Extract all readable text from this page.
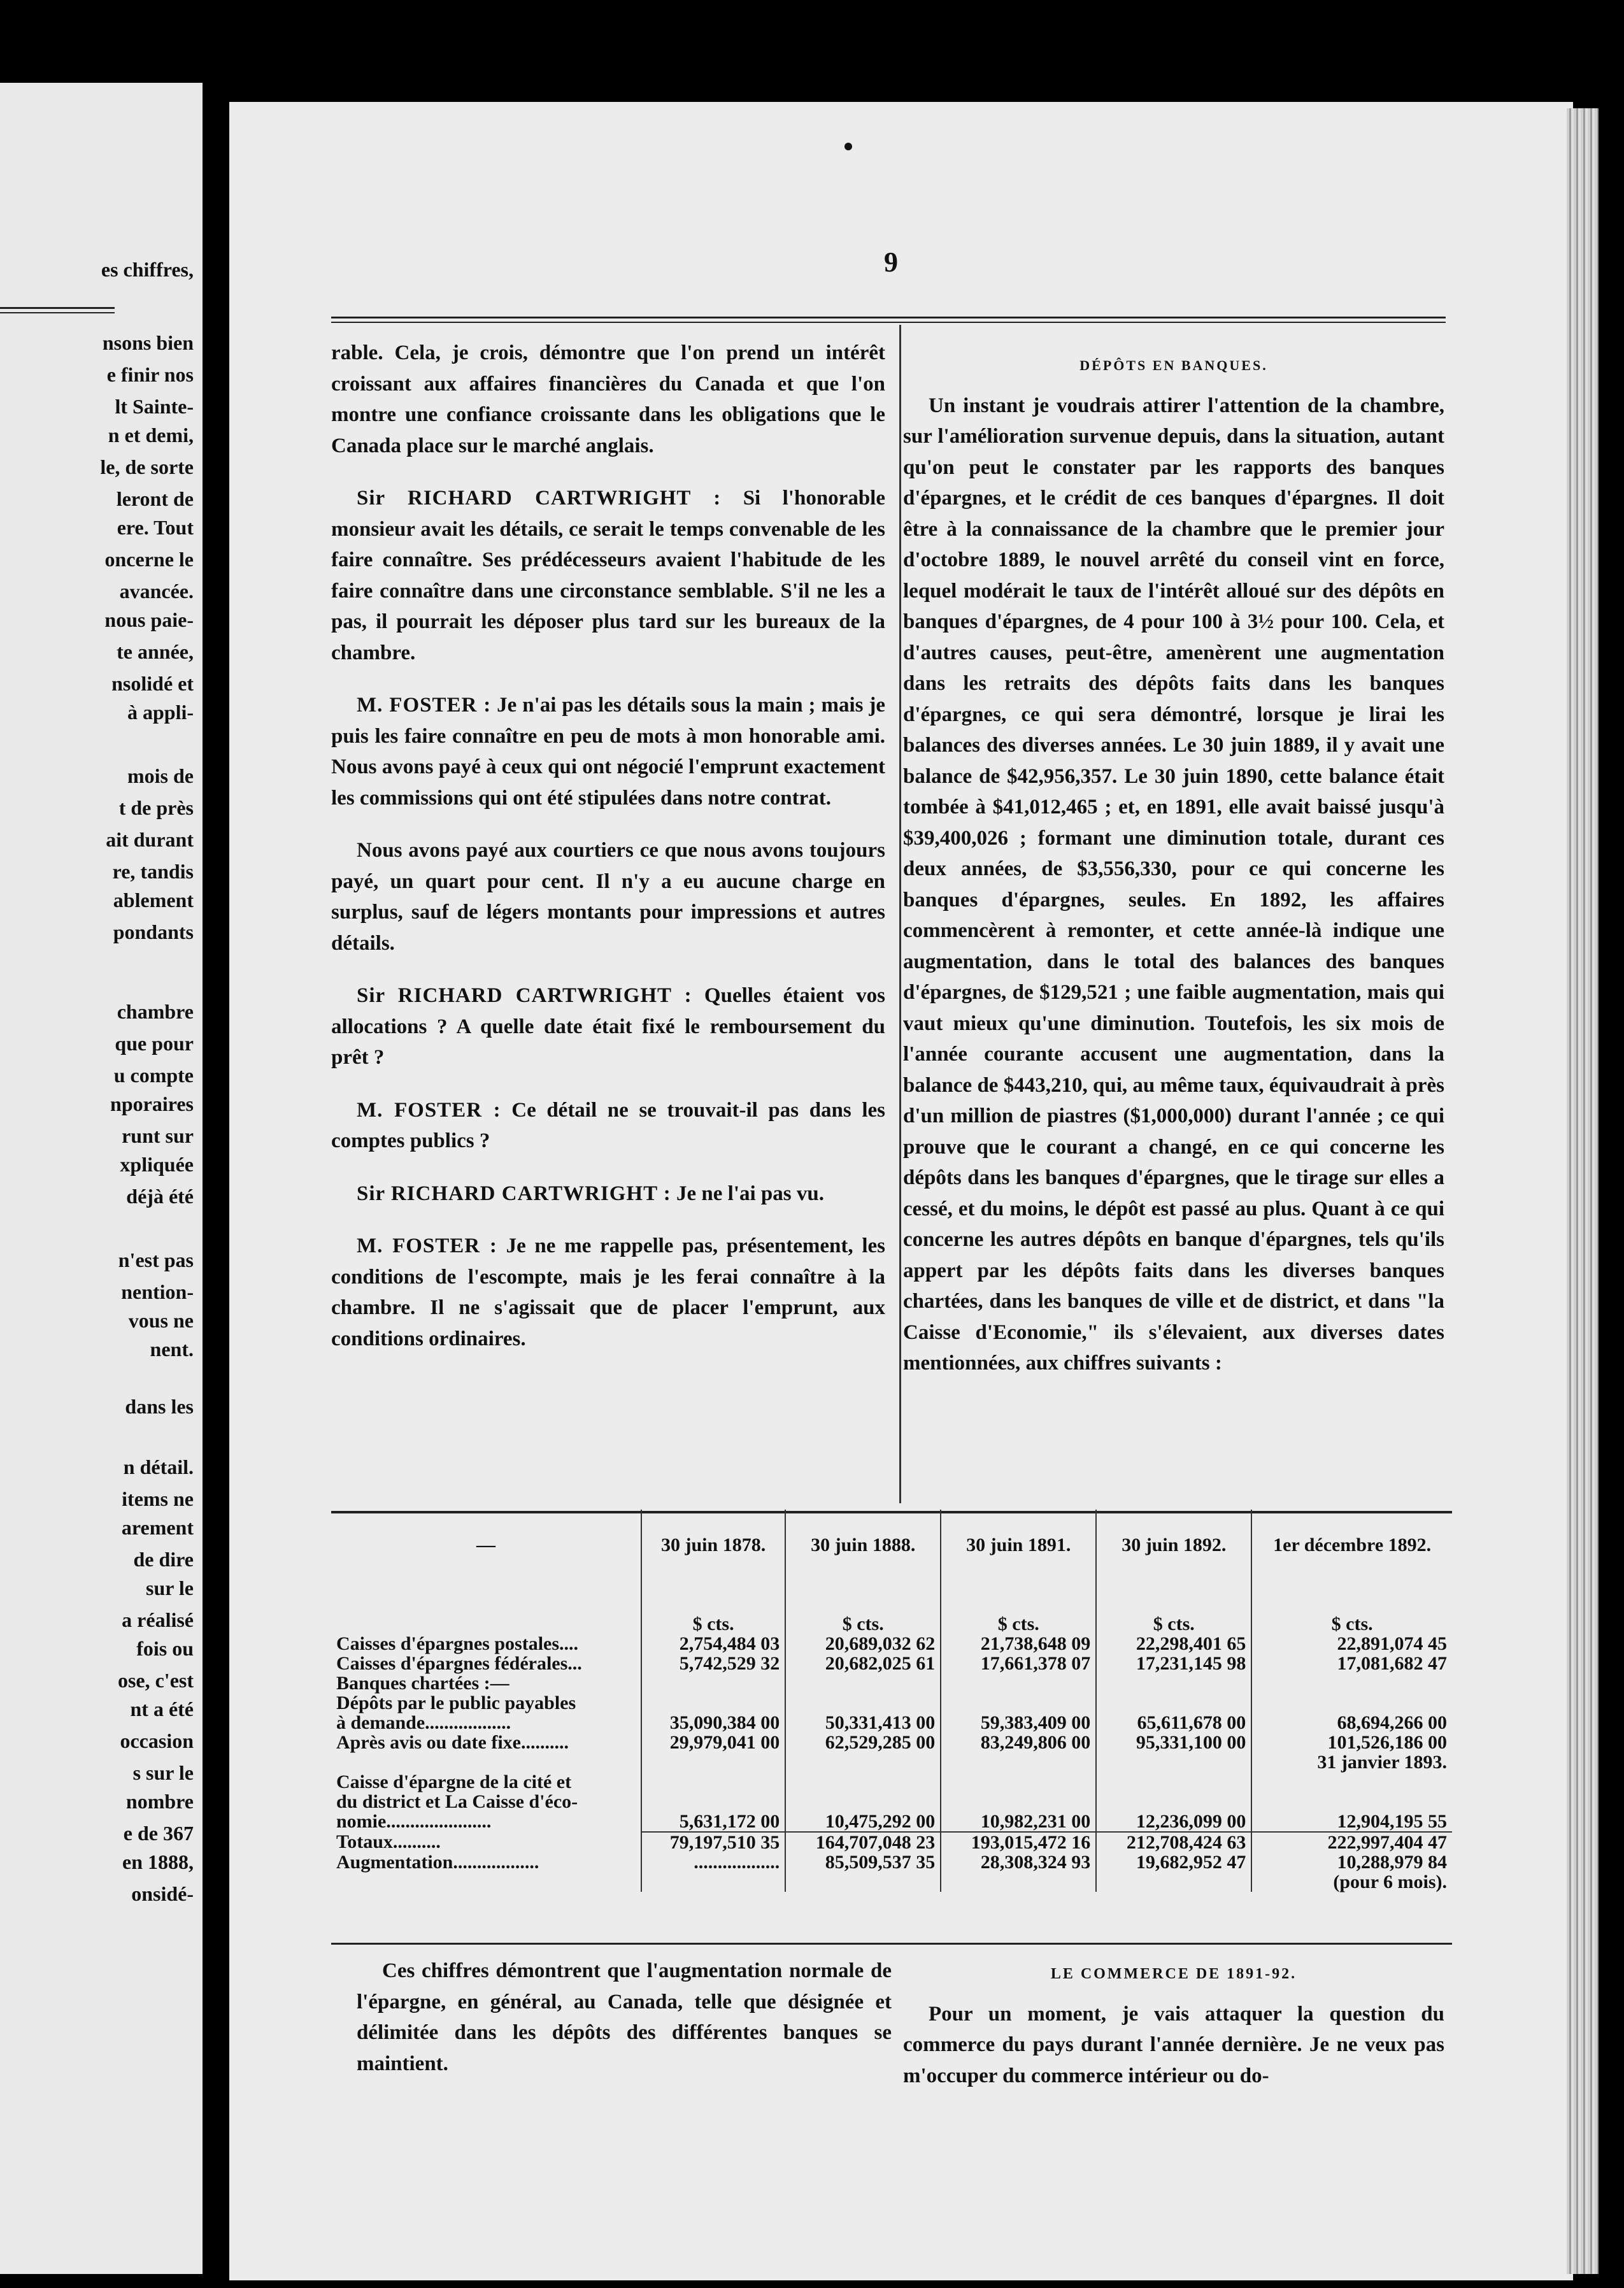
es chiffres,
nsons bien
e finir nos
lt Sainte-
n et demi,
le, de sorte
leront de
ere. Tout
oncerne le
avancée.
nous paie-
te année,
nsolidé et
à appli-
mois de
t de près
ait durant
re, tandis
ablement
pondants
chambre
que pour
u compte
nporaires
runt sur
xpliquée
déjà été
n'est pas
nention-
vous ne
nent.
dans les
n détail.
items ne
arement
de dire
sur le
a réalisé
fois ou
ose, c'est
nt a été
occasion
s sur le
nombre
e de 367
en 1888,
onsidé-
9

rable. Cela, je crois, démontre que l'on prend un intérêt croissant aux affaires financières du Canada et que l'on montre une confiance croissante dans les obligations que le Canada place sur le marché anglais.

Sir RICHARD CARTWRIGHT : Si l'honorable monsieur avait les détails, ce serait le temps convenable de les faire connaître. Ses prédécesseurs avaient l'habitude de les faire connaître dans une circonstance semblable. S'il ne les a pas, il pourrait les déposer plus tard sur les bureaux de la chambre.

M. FOSTER : Je n'ai pas les détails sous la main ; mais je puis les faire connaître en peu de mots à mon honorable ami. Nous avons payé à ceux qui ont négocié l'emprunt exactement les commissions qui ont été stipulées dans notre contrat.

Nous avons payé aux courtiers ce que nous avons toujours payé, un quart pour cent. Il n'y a eu aucune charge en surplus, sauf de légers montants pour impressions et autres détails.

Sir RICHARD CARTWRIGHT : Quelles étaient vos allocations ? A quelle date était fixé le remboursement du prêt ?

M. FOSTER : Ce détail ne se trouvait-il pas dans les comptes publics ?

Sir RICHARD CARTWRIGHT : Je ne l'ai pas vu.

M. FOSTER : Je ne me rappelle pas, présentement, les conditions de l'escompte, mais je les ferai connaître à la chambre. Il ne s'agissait que de placer l'emprunt, aux conditions ordinaires.

DÉPÔTS EN BANQUES.

Un instant je voudrais attirer l'attention de la chambre, sur l'amélioration survenue depuis, dans la situation, autant qu'on peut le constater par les rapports des banques d'épargnes, et le crédit de ces banques d'épargnes. Il doit être à la connaissance de la chambre que le premier jour d'octobre 1889, le nouvel arrêté du conseil vint en force, lequel modérait le taux de l'intérêt alloué sur des dépôts en banques d'épargnes, de 4 pour 100 à 3½ pour 100. Cela, et d'autres causes, peut-être, amenèrent une augmentation dans les retraits des dépôts faits dans les banques d'épargnes, ce qui sera démontré, lorsque je lirai les balances des diverses années. Le 30 juin 1889, il y avait une balance de $42,956,357. Le 30 juin 1890, cette balance était tombée à $41,012,465 ; et, en 1891, elle avait baissé jusqu'à $39,400,026 ; formant une diminution totale, durant ces deux années, de $3,556,330, pour ce qui concerne les banques d'épargnes, seules. En 1892, les affaires commencèrent à remonter, et cette année-là indique une augmentation, dans le total des balances des banques d'épargnes, de $129,521 ; une faible augmentation, mais qui vaut mieux qu'une diminution. Toutefois, les six mois de l'année courante accusent une augmentation, dans la balance de $443,210, qui, au même taux, équivaudrait à près d'un million de piastres ($1,000,000) durant l'année ; ce qui prouve que le courant a changé, en ce qui concerne les dépôts dans les banques d'épargnes, que le tirage sur elles a cessé, et du moins, le dépôt est passé au plus. Quant à ce qui concerne les autres dépôts en banque d'épargnes, tels qu'ils appert par les dépôts faits dans les diverses banques chartées, dans les banques de ville et de district, et dans "la Caisse d'Economie," ils s'élevaient, aux diverses dates mentionnées, aux chiffres suivants :

—	30 juin 1878.	30 juin 1888.	30 juin 1891.	30 juin 1892.	1er décembre 1892.
	$ cts.	$ cts.	$ cts.	$ cts.	$ cts.
Caisses d'épargnes postales....	2,754,484 03	20,689,032 62	21,738,648 09	22,298,401 65	22,891,074 45
Caisses d'épargnes fédérales...	5,742,529 32	20,682,025 61	17,661,378 07	17,231,145 98	17,081,682 47
Banques chartées :—					
Dépôts par le public payables					
à demande..................	35,090,384 00	50,331,413 00	59,383,409 00	65,611,678 00	68,694,266 00
Après avis ou date fixe..........	29,979,041 00	62,529,285 00	83,249,806 00	95,331,100 00	101,526,186 00
					31 janvier 1893.
Caisse d'épargne de la cité et					
du district et La Caisse d'éco-					
nomie......................	5,631,172 00	10,475,292 00	10,982,231 00	12,236,099 00	12,904,195 55
Totaux..........	79,197,510 35	164,707,048 23	193,015,472 16	212,708,424 63	222,997,404 47
Augmentation..................	..................	85,509,537 35	28,308,324 93	19,682,952 47	10,288,979 84
					(pour 6 mois).

Ces chiffres démontrent que l'augmentation normale de l'épargne, en général, au Canada, telle que désignée et délimitée dans les dépôts des différentes banques se maintient.

LE COMMERCE DE 1891-92.

Pour un moment, je vais attaquer la question du commerce du pays durant l'année dernière. Je ne veux pas m'occuper du commerce intérieur ou do-
